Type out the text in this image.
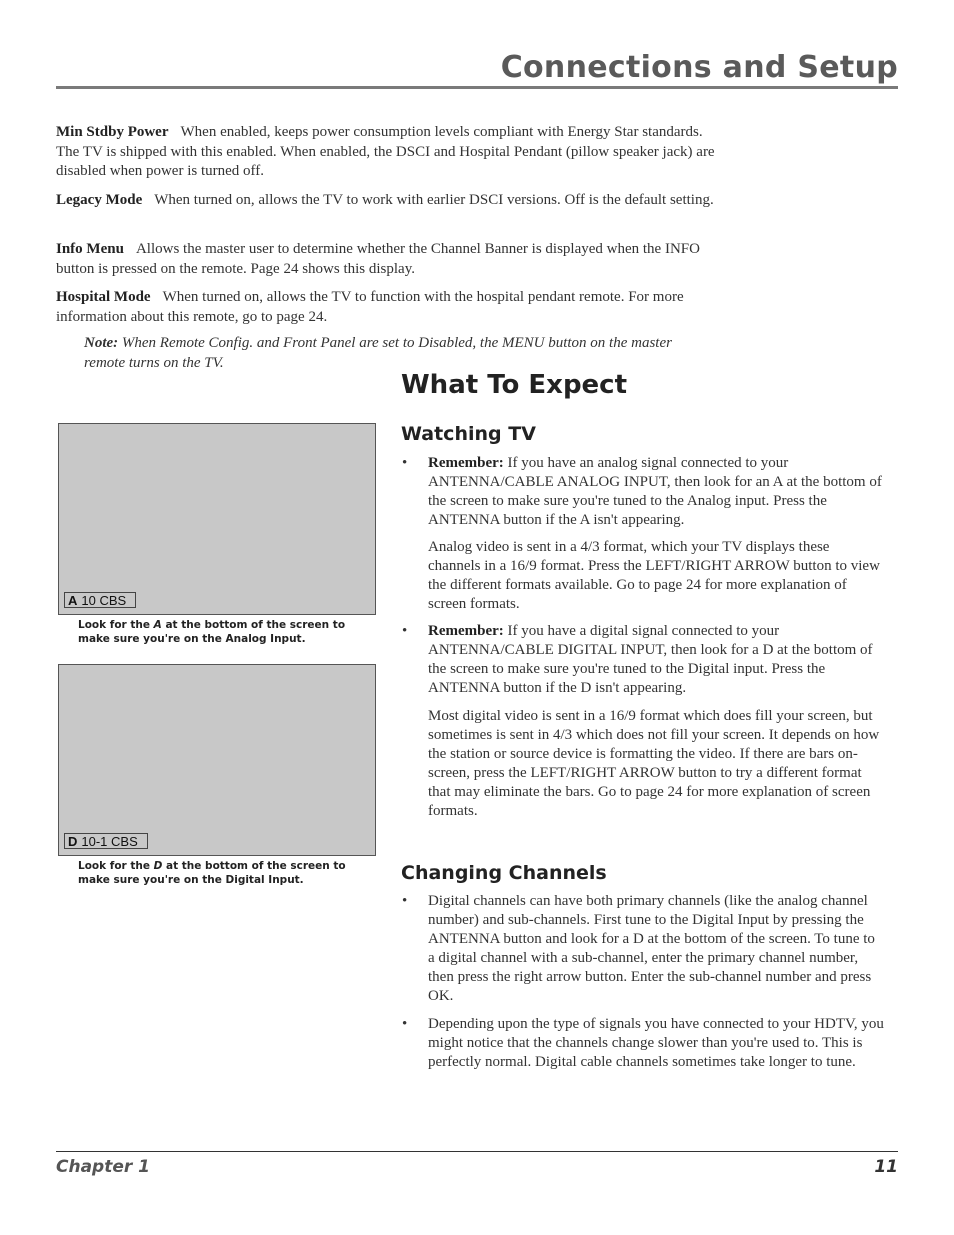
Connections and Setup
Min Stdby Power When enabled, keeps power consumption levels compliant with Energy Star standards. The TV is shipped with this enabled. When enabled, the DSCI and Hospital Pendant (pillow speaker jack) are disabled when power is turned off.
Legacy Mode When turned on, allows the TV to work with earlier DSCI versions. Off is the default setting.
Info Menu Allows the master user to determine whether the Channel Banner is displayed when the INFO button is pressed on the remote. Page 24 shows this display.
Hospital Mode When turned on, allows the TV to function with the hospital pendant remote. For more information about this remote, go to page 24.
Note: When Remote Config. and Front Panel are set to Disabled, the MENU button on the master remote turns on the TV.
What To Expect
Watching TV
• Remember: If you have an analog signal connected to your ANTENNA/CABLE ANALOG INPUT, then look for an A at the bottom of the screen to make sure you're tuned to the Analog input. Press the ANTENNA button if the A isn't appearing.
Analog video is sent in a 4/3 format, which your TV displays these channels in a 16/9 format. Press the LEFT/RIGHT ARROW button to view the different formats available. Go to page 24 for more explanation of screen formats.
• Remember: If you have a digital signal connected to your ANTENNA/CABLE DIGITAL INPUT, then look for a D at the bottom of the screen to make sure you're tuned to the Digital input. Press the ANTENNA button if the D isn't appearing.
Most digital video is sent in a 16/9 format which does fill your screen, but sometimes is sent in 4/3 which does not fill your screen. It depends on how the station or source device is formatting the video. If there are bars on-screen, press the LEFT/RIGHT ARROW button to try a different format that may eliminate the bars. Go to page 24 for more explanation of screen formats.
Changing Channels
• Digital channels can have both primary channels (like the analog channel number) and sub-channels. First tune to the Digital Input by pressing the ANTENNA button and look for a D at the bottom of the screen. To tune to a digital channel with a sub-channel, enter the primary channel number, then press the right arrow button. Enter the sub-channel number and press OK.
• Depending upon the type of signals you have connected to your HDTV, you might notice that the channels change slower than you're used to. This is perfectly normal. Digital cable channels sometimes take longer to tune.
A 10 CBS
Look for the A at the bottom of the screen to make sure you're on the Analog Input.
D 10-1 CBS
Look for the D at the bottom of the screen to make sure you're on the Digital Input.
Chapter 1	11
